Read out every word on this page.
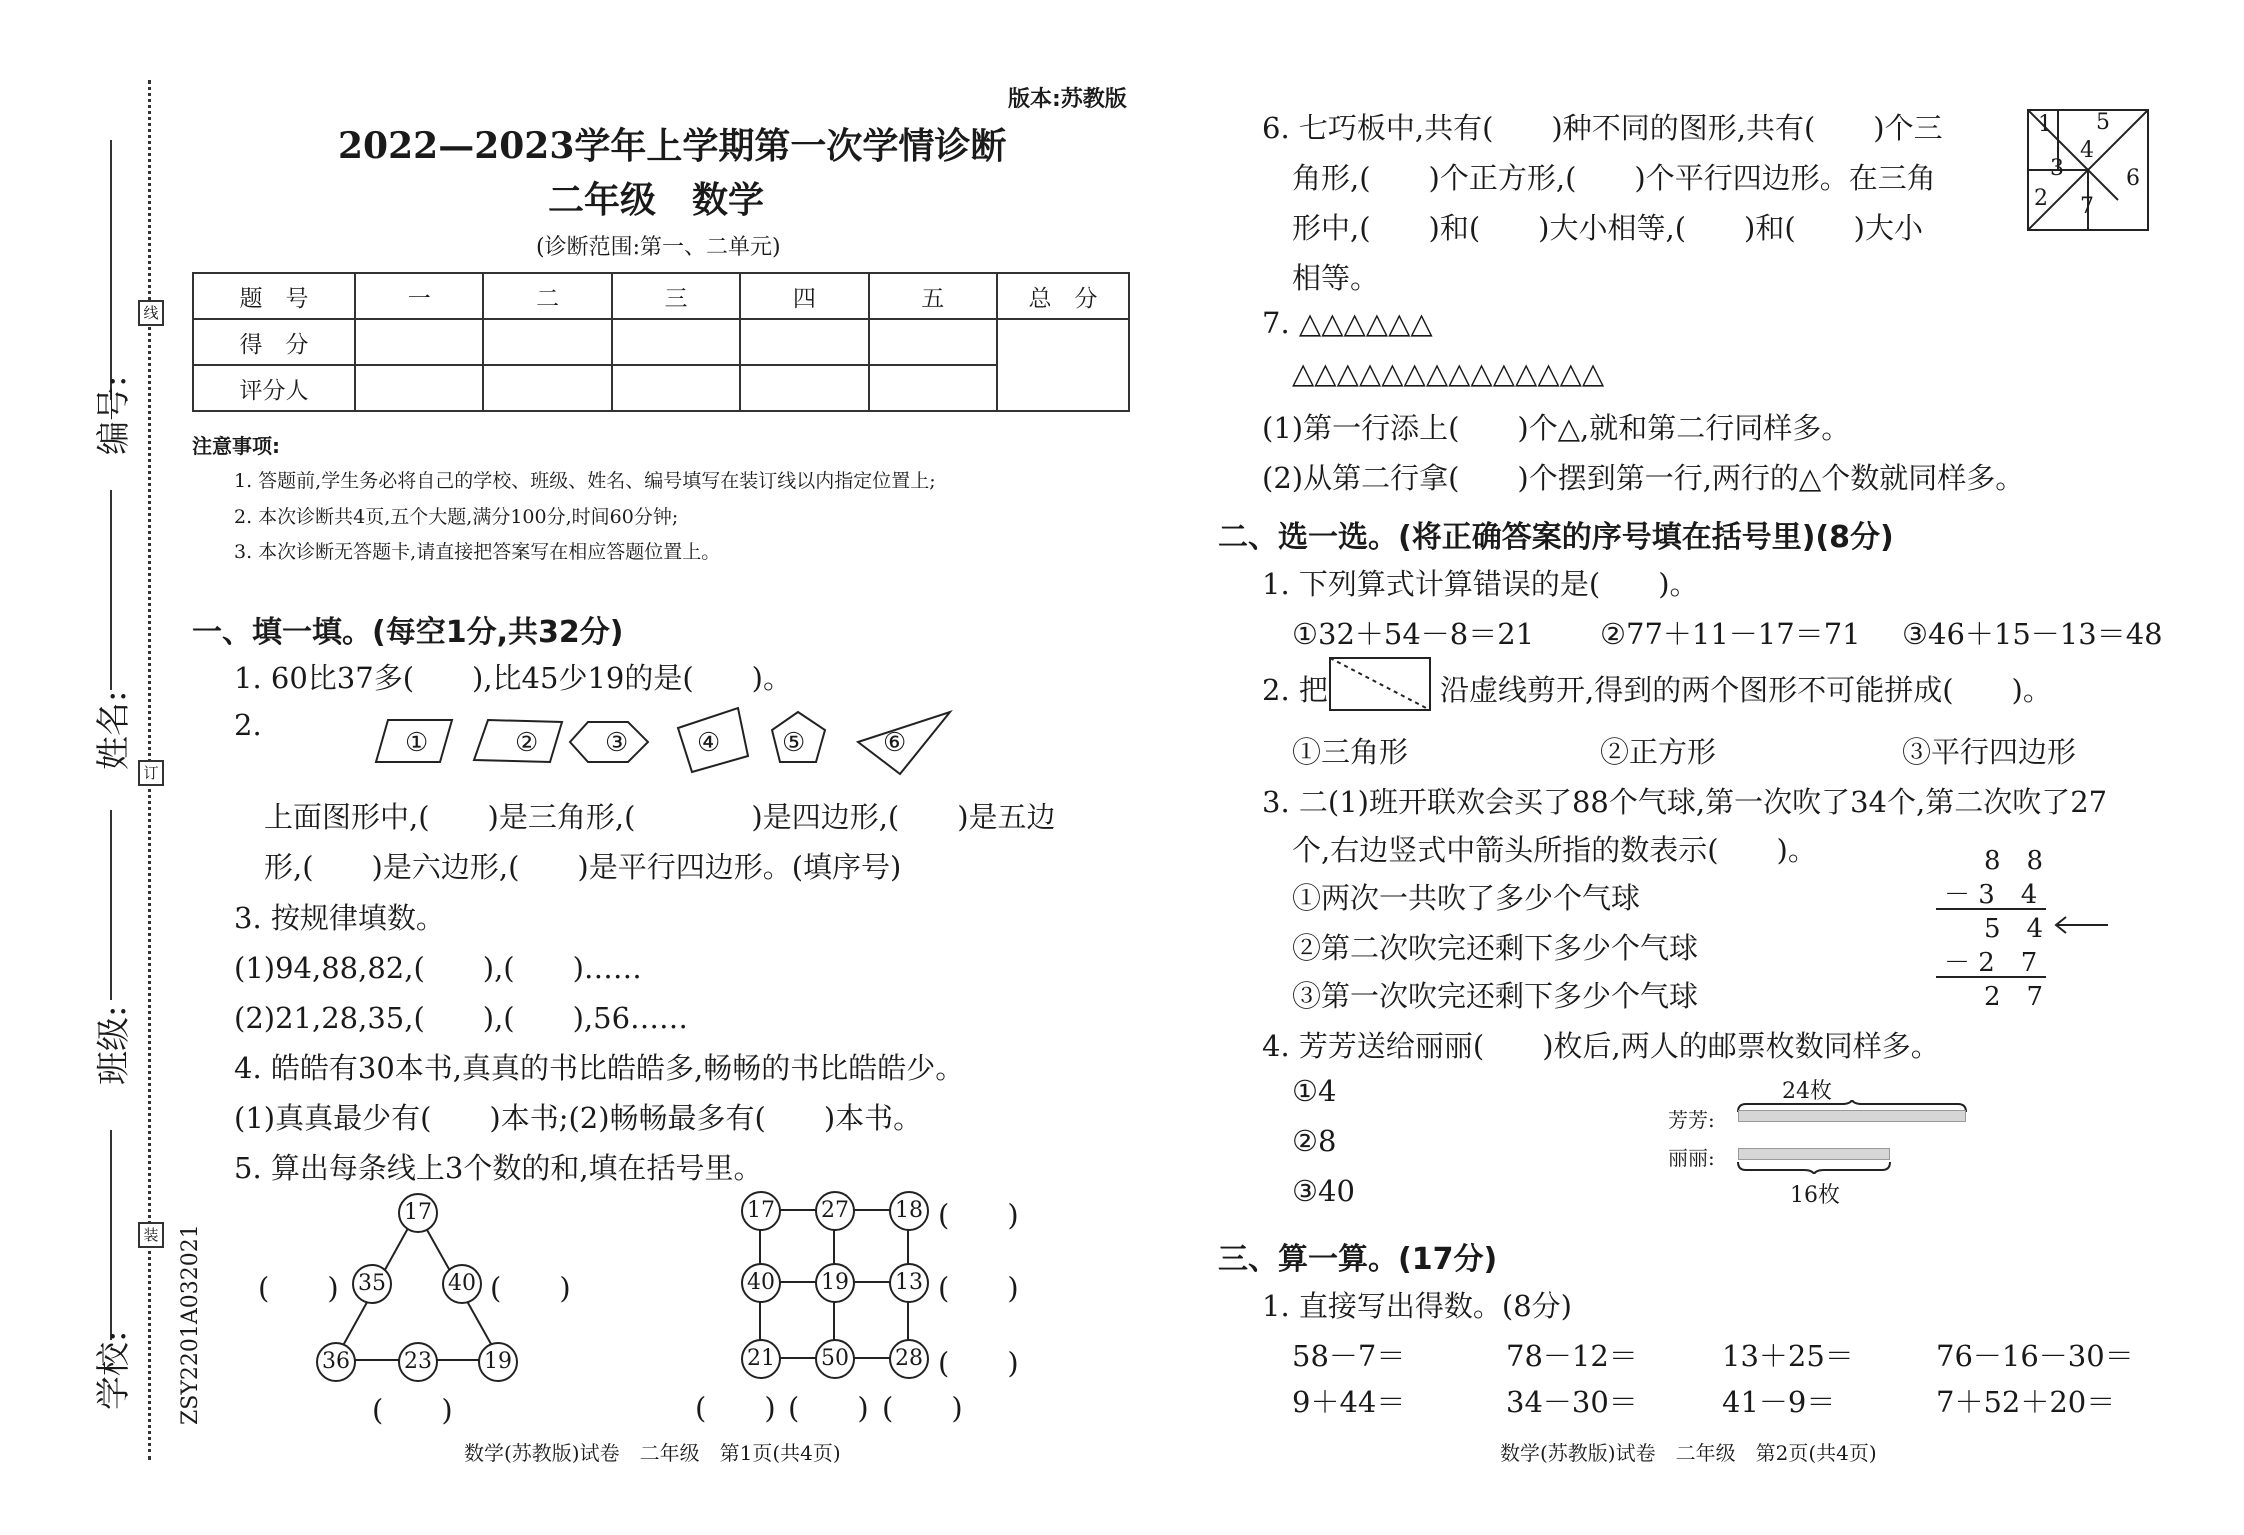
编号:
姓名:
班级:
学校:
线
订
装 ZSY2201A032021
版本:苏教版
2022—2023学年上学期第一次学情诊断
二年级　数学
(诊断范围:第一、二单元)
题　号	一	二	三	四	五	总　分
得　分						
评分人						
注意事项:
1. 答题前,学生务必将自己的学校、班级、姓名、编号填写在装订线以内指定位置上;
2. 本次诊断共4页,五个大题,满分100分,时间60分钟;
3. 本次诊断无答题卡,请直接把答案写在相应答题位置上。
一、填一填。(每空1分,共32分)
1. 60比37多(　　),比45少19的是(　　)。
2.
①	②	③	④ ⑤	⑥
上面图形中,(　　)是三角形,(　　　　)是四边形,(　　)是五边
形,(　　)是六边形,(　　)是平行四边形。(填序号)
3. 按规律填数。
(1)94,88,82,(　　),(　　)……
(2)21,28,35,(　　),(　　),56……
4. 皓皓有30本书,真真的书比皓皓多,畅畅的书比皓皓少。
(1)真真最少有(　　)本书;(2)畅畅最多有(　　)本书。
5. 算出每条线上3个数的和,填在括号里。
17
35	40
36 23 19
(　　)	(　　)
(　　)
17 27 18
40 19 13
21 50 28
(　　)
(　　)
(　　)
(　　) (　　) (　　)
数学(苏教版)试卷　二年级　第1页(共4页)
6. 七巧板中,共有(　　)种不同的图形,共有(　　)个三
角形,(　　)个正方形,(　　)个平行四边形。在三角
形中,(　　)和(　　)大小相等,(　　)和(　　)大小
相等。
1 5
4
3	6
2 7
7. △△△△△△
△△△△△△△△△△△△△△
(1)第一行添上(　　)个△,就和第二行同样多。
(2)从第二行拿(　　)个摆到第一行,两行的△个数就同样多。
二、选一选。(将正确答案的序号填在括号里)(8分)
1. 下列算式计算错误的是(　　)。
①32＋54－8＝21 ②77＋11－17＝71 ③46＋15－13＝48
2. 把	沿虚线剪开,得到的两个图形不可能拼成(　　)。
①三角形	②正方形	③平行四边形
3. 二(1)班开联欢会买了88个气球,第一次吹了34个,第二次吹了27
个,右边竖式中箭头所指的数表示(　　)。
①两次一共吹了多少个气球
②第二次吹完还剩下多少个气球
③第一次吹完还剩下多少个气球
8　8
－ 3　4
5　4
－ 2　7
2　7
4. 芳芳送给丽丽(　　)枚后,两人的邮票枚数同样多。
①4
②8
③40
24枚
芳芳:
丽丽:
16枚
三、算一算。(17分)
1. 直接写出得数。(8分)
58－7＝	78－12＝	13＋25＝	76－16－30＝
9＋44＝	34－30＝	41－9＝	7＋52＋20＝
数学(苏教版)试卷　二年级　第2页(共4页)
